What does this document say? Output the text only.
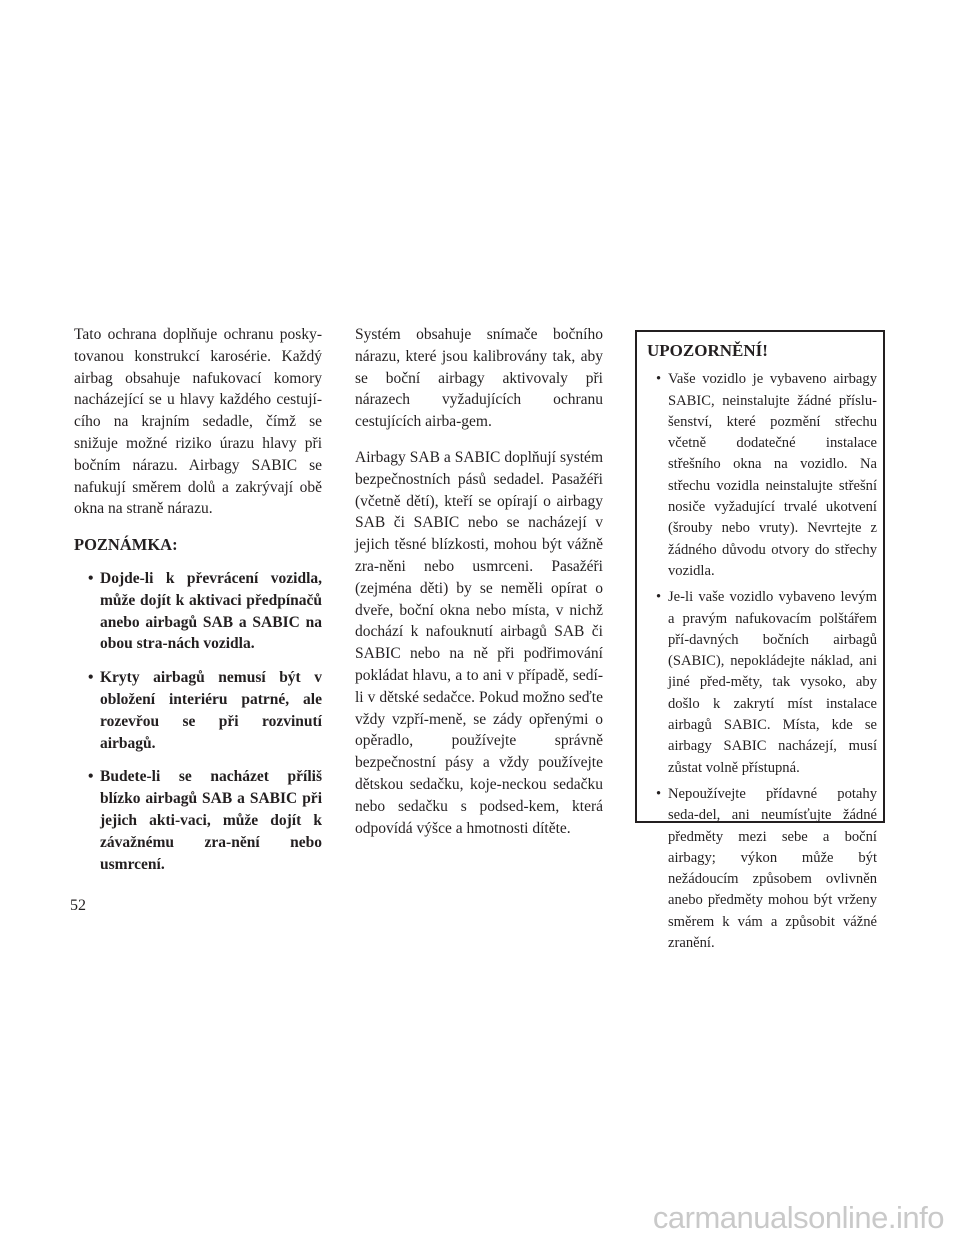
Tato ochrana doplňuje ochranu posky-tovanou konstrukcí karosérie. Každý airbag obsahuje nafukovací komory nacházející se u hlavy každého cestují-cího na krajním sedadle, čímž se snižuje možné riziko úrazu hlavy při bočním nárazu. Airbagy SABIC se nafukují směrem dolů a zakrývají obě okna na straně nárazu.

POZNÁMKA:
• Dojde-li k převrácení vozidla, může dojít k aktivaci předpínačů anebo airbagů SAB a SABIC na obou stra-nách vozidla.
• Kryty airbagů nemusí být v obložení interiéru patrné, ale rozevřou se při rozvinutí airbagů.
• Budete-li se nacházet příliš blízko airbagů SAB a SABIC při jejich akti-vaci, může dojít k závažnému zra-nění nebo usmrcení.

Systém obsahuje snímače bočního nárazu, které jsou kalibrovány tak, aby se boční airbagy aktivovaly při nárazech vyžadujících ochranu cestujících airba-gem.

Airbagy SAB a SABIC doplňují systém bezpečnostních pásů sedadel. Pasažéři (včetně dětí), kteří se opírají o airbagy SAB či SABIC nebo se nacházejí v jejich těsné blízkosti, mohou být vážně zra-něni nebo usmrceni. Pasažéři (zejména děti) by se neměli opírat o dveře, boční okna nebo místa, v nichž dochází k nafouknutí airbagů SAB či SABIC nebo na ně při podřimování pokládat hlavu, a to ani v případě, sedí-li v dětské sedačce. Pokud možno seďte vždy vzpří-meně, se zády opřenými o opěradlo, používejte správně bezpečnostní pásy a vždy používejte dětskou sedačku, koje-neckou sedačku nebo sedačku s podsed-kem, která odpovídá výšce a hmotnosti dítěte.

UPOZORNĚNÍ!
• Vaše vozidlo je vybaveno airbagy SABIC, neinstalujte žádné příslu-šenství, které pozmění střechu včetně dodatečné instalace střešního okna na vozidlo. Na střechu vozidla neinstalujte střešní nosiče vyžadující trvalé ukotvení (šrouby nebo vruty). Nevrtejte z žádného důvodu otvory do střechy vozidla.
• Je-li vaše vozidlo vybaveno levým a pravým nafukovacím polštářem pří-davných bočních airbagů (SABIC), nepokládejte náklad, ani jiné před-měty, tak vysoko, aby došlo k zakrytí míst instalace airbagů SABIC. Místa, kde se airbagy SABIC nacházejí, musí zůstat volně přístupná.
• Nepoužívejte přídavné potahy seda-del, ani neumísťujte žádné předměty mezi sebe a boční airbagy; výkon může být nežádoucím způsobem ovlivněn anebo předměty mohou být vrženy směrem k vám a způsobit vážné zranění.
52
carmanualsonline.info
